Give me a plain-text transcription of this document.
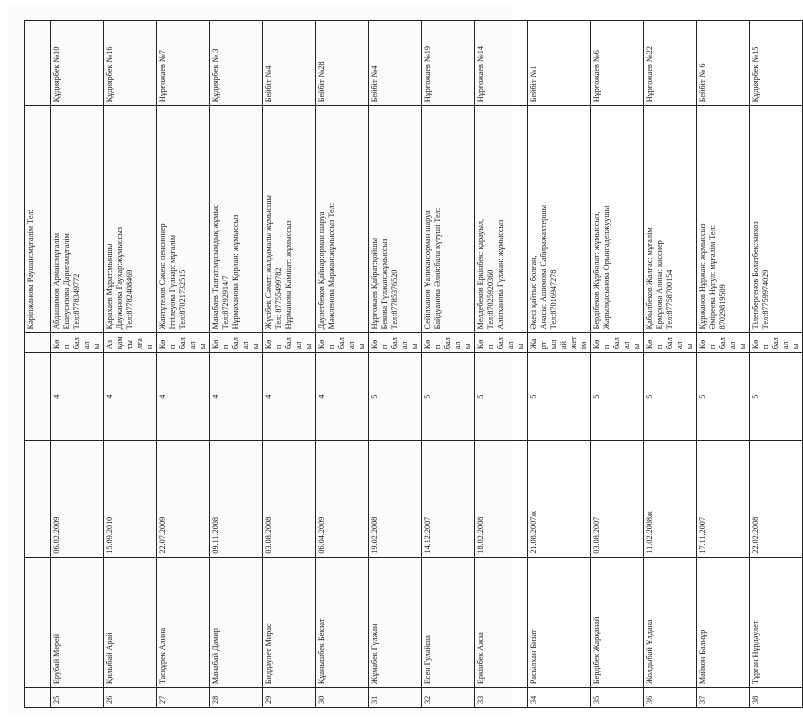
					Кәріпжанова Раушан:мұғалім Тел:	
25	Ерубай Мерей	06.02.2009	4	Көп балалы	Абдашимов Арман:мұғалім Ешеусизова Даригамұғалім Тел:8778349772	Құдиярбек №10
26	Қилыбай Арай	15.09.2010	4	Аз қамтылған	Қарахаев Мұрат:мыншы Даужанова Гаухар:жұмыссыз Тел:87782408469	Құдиярбек №16
27	Тасқұрек Алина	22.07.2009	4	Көп балалы	Жантұтелов Сәкен: пенсионер Іттілеуова Гүлнар: мұғалім Тел:87021732515	Нұрғожаев №7
28	Манабай Дамир	09.11.2008	4	Көп балалы	Манабаев Талғат:мұсымдық жұмыс Тел:87292914/7 Нұрмаханова Қорлан: жұмыссыз	Құдиярбек № 3
29	Биддаулет Мирас	03.08.2008	4	Көп балалы	Жүсібек Сәмат: жалдамалы жұмысшы Тел: 87755499782 Нұрманова Камшат: жұмыссыз	Бейбіт №4
30	Құанышбек Бекзат	06.04.2009	4	Көп балалы	Даулетбеков Қайнар:орман шаруа Мәжленова Маржан:жұмыссыз Тел:	Бейбіт №28
31	Жұмабек Гүлжан	19.02.2008	5	Көп балалы	Нұрғожаев Қайрат:қойшы Бекова Гүлжан:жұмыссыз Тел:87785376520	Бейбіт №4
32	Есен Гулайша	14.12.2007	5	Көп балалы	Сейілханов Ұалихан:орман шаруа Байдуанова Әлия:бала күтуші Тел:	Нұрғожаев №19
33	Еркінбек Ажза	18.02.2008	5	Көп балалы	Мелдебеков Еркінбек: қарауыл, Тел:87025920360 Аліпханова Гүлжан: жұмыссыз	Нұрғожаев №14
34	Расылхан Бизат	21.08.2007ж	5	Жартылай жетім	Әкесі қайтыс болған, Анасы: Ашимова Сабиражахтершы Тел:87016947278	Бейбіт №1
35	Бердібек Жарқанай	03.08.2007	5	Көп балалы	Бердібеков Жұрболат: жұмыссыз, Жарылқасынова Орынгаделжуушы	Нұрғожаев №6
36	Жолдыбай Ұлдана	11.02.2008ж	5	Көп балалы	Қабылбеков Жалғас: мұғалім Ермұхова Алина: кассиер Тел:87758700154	Нұрғожаев №22
37	Майкон Балнұр	17.11.2007	5	Көп балалы	Құржанов Нұржан: жұмыссыз Әміреева Нұгул: мұғалім Тел: 87029819509	Бейбіт № 6
38	Тұрған Нұрдәулет	22.02.2008	5	Көп балалы	Тілепбергенов Болатбек:завхоз Тел:87759974029	Құдиярбек №15
